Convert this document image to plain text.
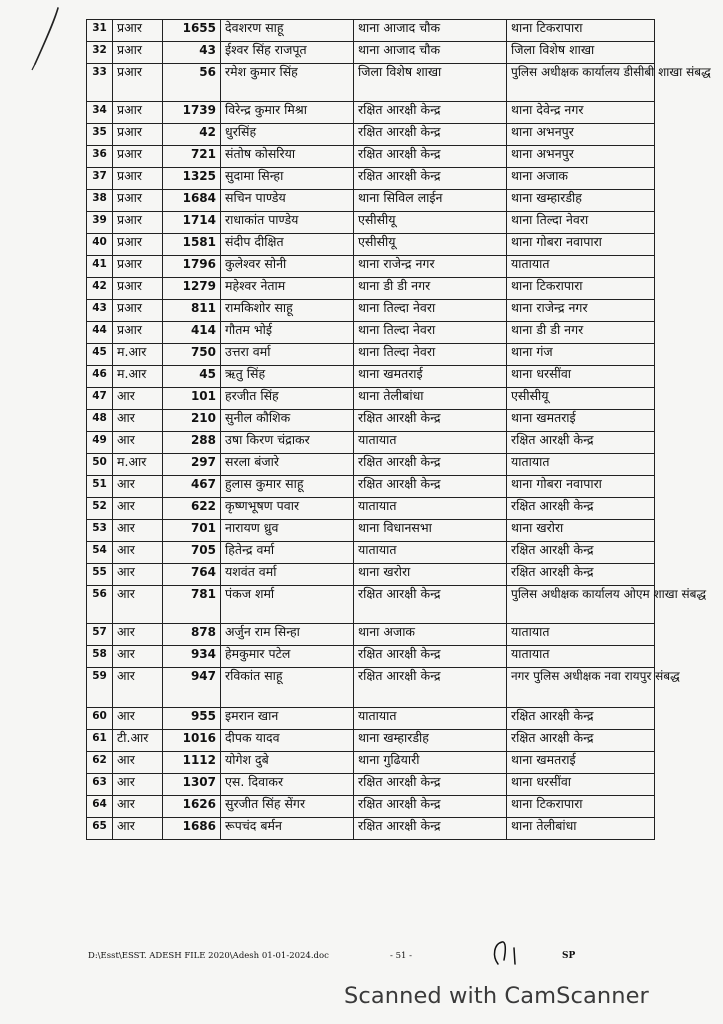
31	प्रआर	1655	देवशरण साहू	थाना आजाद चौक	थाना टिकरापारा
32	प्रआर	43	ईश्वर सिंह राजपूत	थाना आजाद चौक	जिला विशेष शाखा
33	प्रआर	56	रमेश कुमार सिंह	जिला विशेष शाखा	पुलिस अधीक्षक कार्यालय डीसीबी शाखा संबद्ध
34	प्रआर	1739	विरेन्द्र कुमार मिश्रा	रक्षित आरक्षी केन्द्र	थाना देवेन्द्र नगर
35	प्रआर	42	धुरसिंह	रक्षित आरक्षी केन्द्र	थाना अभनपुर
36	प्रआर	721	संतोष कोसरिया	रक्षित आरक्षी केन्द्र	थाना अभनपुर
37	प्रआर	1325	सुदामा सिन्हा	रक्षित आरक्षी केन्द्र	थाना अजाक
38	प्रआर	1684	सचिन पाण्डेय	थाना सिविल लाईन	थाना खम्हारडीह
39	प्रआर	1714	राधाकांत पाण्डेय	एसीसीयू	थाना तिल्दा नेवरा
40	प्रआर	1581	संदीप दीक्षित	एसीसीयू	थाना गोबरा नवापारा
41	प्रआर	1796	कुलेश्वर सोनी	थाना राजेन्द्र नगर	यातायात
42	प्रआर	1279	महेश्वर नेताम	थाना डी डी नगर	थाना टिकरापारा
43	प्रआर	811	रामकिशोर साहू	थाना तिल्दा नेवरा	थाना राजेन्द्र नगर
44	प्रआर	414	गौतम भोई	थाना तिल्दा नेवरा	थाना डी डी नगर
45	म.आर	750	उत्तरा वर्मा	थाना तिल्दा नेवरा	थाना गंज
46	म.आर	45	ऋतु सिंह	थाना खमतराई	थाना धरसींवा
47	आर	101	हरजीत सिंह	थाना तेलीबांधा	एसीसीयू
48	आर	210	सुनील कौशिक	रक्षित आरक्षी केन्द्र	थाना खमतराई
49	आर	288	उषा किरण चंद्राकर	यातायात	रक्षित आरक्षी केन्द्र
50	म.आर	297	सरला बंजारे	रक्षित आरक्षी केन्द्र	यातायात
51	आर	467	हुलास कुमार साहू	रक्षित आरक्षी केन्द्र	थाना गोबरा नवापारा
52	आर	622	कृष्णभूषण पवार	यातायात	रक्षित आरक्षी केन्द्र
53	आर	701	नारायण ध्रुव	थाना विधानसभा	थाना खरोरा
54	आर	705	हितेन्द्र वर्मा	यातायात	रक्षित आरक्षी केन्द्र
55	आर	764	यशवंत वर्मा	थाना खरोरा	रक्षित आरक्षी केन्द्र
56	आर	781	पंकज शर्मा	रक्षित आरक्षी केन्द्र	पुलिस अधीक्षक कार्यालय ओएम शाखा संबद्ध
57	आर	878	अर्जुन राम सिन्हा	थाना अजाक	यातायात
58	आर	934	हेमकुमार पटेल	रक्षित आरक्षी केन्द्र	यातायात
59	आर	947	रविकांत साहू	रक्षित आरक्षी केन्द्र	नगर पुलिस अधीक्षक नवा रायपुर संबद्ध
60	आर	955	इमरान खान	यातायात	रक्षित आरक्षी केन्द्र
61	टी.आर	1016	दीपक यादव	थाना खम्हारडीह	रक्षित आरक्षी केन्द्र
62	आर	1112	योगेश दुबे	थाना गुढियारी	थाना खमतराई
63	आर	1307	एस. दिवाकर	रक्षित आरक्षी केन्द्र	थाना धरसींवा
64	आर	1626	सुरजीत सिंह सेंगर	रक्षित आरक्षी केन्द्र	थाना टिकरापारा
65	आर	1686	रूपचंद बर्मन	रक्षित आरक्षी केन्द्र	थाना तेलीबांधा
D:\Esst\ESST. ADESH FILE 2020\Adesh 01-01-2024.doc	- 51 -	SP
Scanned with CamScanner
